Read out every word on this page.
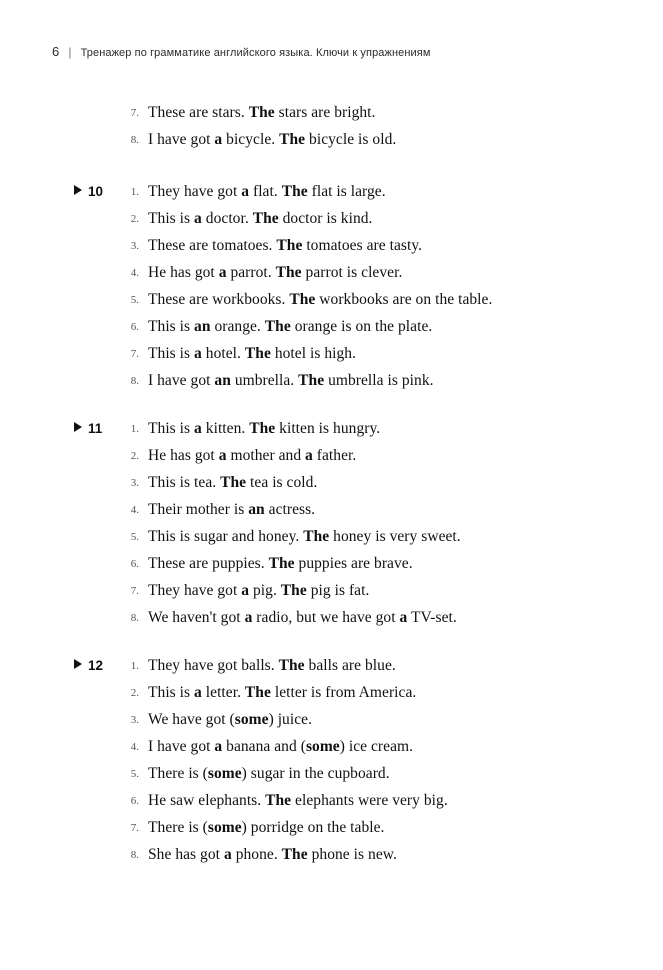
6 | Тренажер по грамматике английского языка. Ключи к упражнениям
7. These are stars. The stars are bright.
8. I have got a bicycle. The bicycle is old.
10	1. They have got a flat. The flat is large.
2. This is a doctor. The doctor is kind.
3. These are tomatoes. The tomatoes are tasty.
4. He has got a parrot. The parrot is clever.
5. These are workbooks. The workbooks are on the table.
6. This is an orange. The orange is on the plate.
7. This is a hotel. The hotel is high.
8. I have got an umbrella. The umbrella is pink.
11	1. This is a kitten. The kitten is hungry.
2. He has got a mother and a father.
3. This is tea. The tea is cold.
4. Their mother is an actress.
5. This is sugar and honey. The honey is very sweet.
6. These are puppies. The puppies are brave.
7. They have got a pig. The pig is fat.
8. We haven't got a radio, but we have got a TV-set.
12	1. They have got balls. The balls are blue.
2. This is a letter. The letter is from America.
3. We have got (some) juice.
4. I have got a banana and (some) ice cream.
5. There is (some) sugar in the cupboard.
6. He saw elephants. The elephants were very big.
7. There is (some) porridge on the table.
8. She has got a phone. The phone is new.
